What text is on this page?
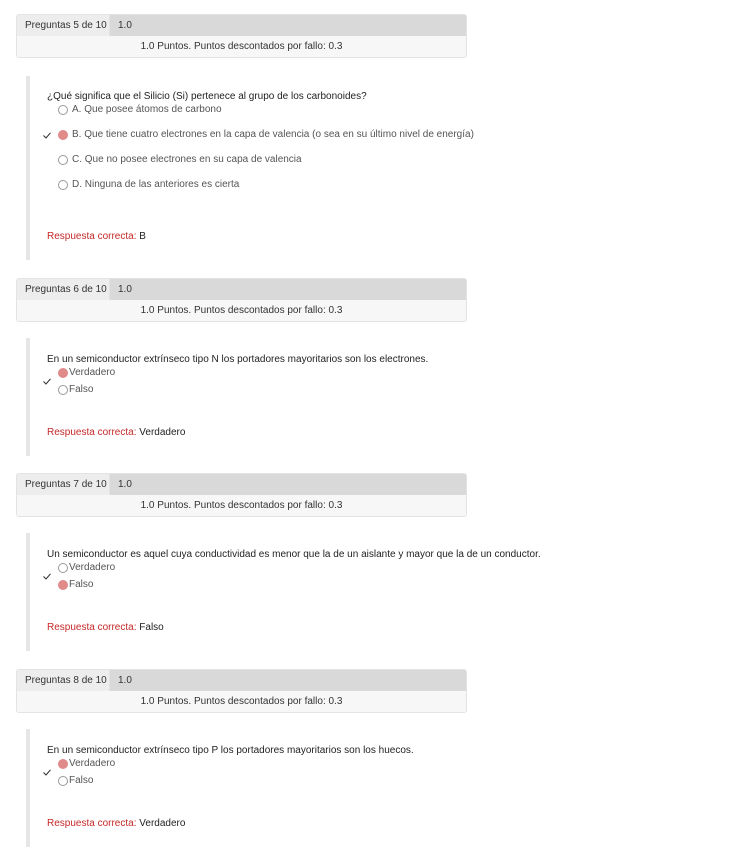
Preguntas 5 de 10	1.0
1.0 Puntos. Puntos descontados por fallo: 0.3
¿Qué significa que el Silicio (Si) pertenece al grupo de los carbonoides?
A. Que posee átomos de carbono
B. Que tiene cuatro electrones en la capa de valencia (o sea en su último nivel de energía)
C. Que no posee electrones en su capa de valencia
D. Ninguna de las anteriores es cierta
Respuesta correcta: B
Preguntas 6 de 10	1.0
1.0 Puntos. Puntos descontados por fallo: 0.3
En un semiconductor extrínseco tipo N los portadores mayoritarios son los electrones.
Verdadero
Falso
Respuesta correcta: Verdadero
Preguntas 7 de 10	1.0
1.0 Puntos. Puntos descontados por fallo: 0.3
Un semiconductor es aquel cuya conductividad es menor que la de un aislante y mayor que la de un conductor.
Verdadero
Falso
Respuesta correcta: Falso
Preguntas 8 de 10	1.0
1.0 Puntos. Puntos descontados por fallo: 0.3
En un semiconductor extrínseco tipo P los portadores mayoritarios son los huecos.
Verdadero
Falso
Respuesta correcta: Verdadero
